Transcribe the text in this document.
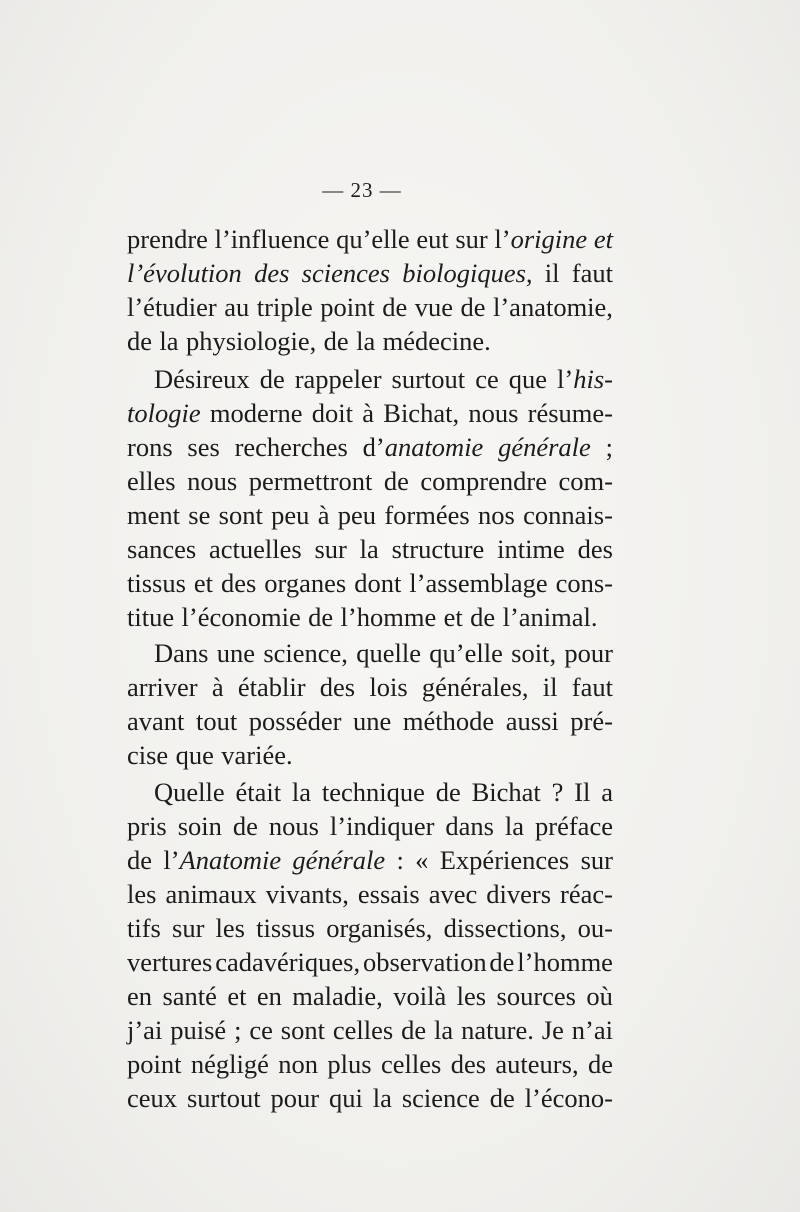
— 23 —
prendre l’influence qu’elle eut sur l’origine et
l’évolution des sciences biologiques, il faut
l’étudier au triple point de vue de l’anatomie,
de la physiologie, de la médecine.
Désireux de rappeler surtout ce que l’his-
tologie moderne doit à Bichat, nous résume-
rons ses recherches d’anatomie générale ;
elles nous permettront de comprendre com-
ment se sont peu à peu formées nos connais-
sances actuelles sur la structure intime des
tissus et des organes dont l’assemblage cons-
titue l’économie de l’homme et de l’animal.
Dans une science, quelle qu’elle soit, pour
arriver à établir des lois générales, il faut
avant tout posséder une méthode aussi pré-
cise que variée.
Quelle était la technique de Bichat ? Il a
pris soin de nous l’indiquer dans la préface
de l’Anatomie générale : « Expériences sur
les animaux vivants, essais avec divers réac-
tifs sur les tissus organisés, dissections, ou-
vertures cadavériques, observation de l’homme
en santé et en maladie, voilà les sources où
j’ai puisé ; ce sont celles de la nature. Je n’ai
point négligé non plus celles des auteurs, de
ceux surtout pour qui la science de l’écono-
